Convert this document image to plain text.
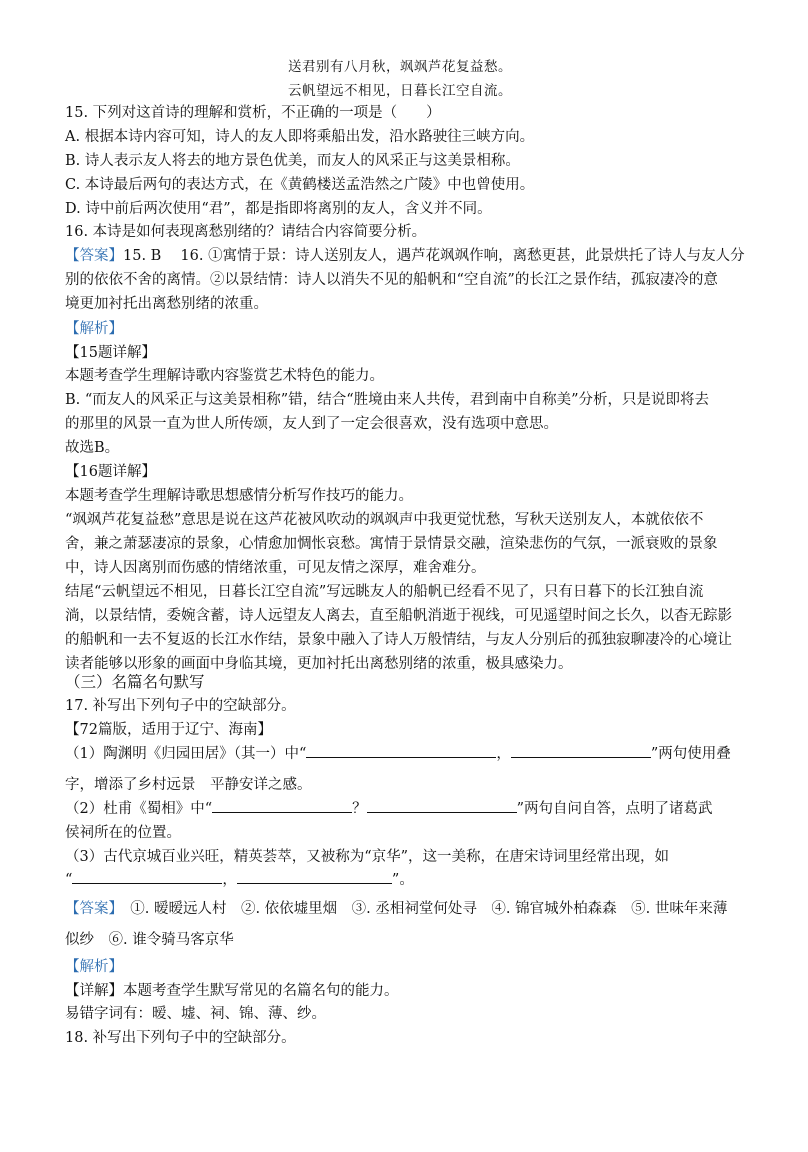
送君别有八月秋，飒飒芦花复益愁。
云帆望远不相见，日暮长江空自流。
15. 下列对这首诗的理解和赏析，不正确的一项是（　　）
A. 根据本诗内容可知，诗人的友人即将乘船出发，沿水路驶往三峡方向。
B. 诗人表示友人将去的地方景色优美，而友人的风采正与这美景相称。
C. 本诗最后两句的表达方式，在《黄鹤楼送孟浩然之广陵》中也曾使用。
D. 诗中前后两次使用“君”，都是指即将离别的友人，含义并不同。
16. 本诗是如何表现离愁别绪的？请结合内容简要分析。
【答案】15. B　 16. ①寓情于景：诗人送别友人，遇芦花飒飒作响，离愁更甚，此景烘托了诗人与友人分
别的依依不舍的离情。②以景结情：诗人以消失不见的船帆和“空自流”的长江之景作结，孤寂凄冷的意
境更加衬托出离愁别绪的浓重。
【解析】
【15题详解】
本题考查学生理解诗歌内容鉴赏艺术特色的能力。
B. “而友人的风采正与这美景相称”错，结合“胜境由来人共传，君到南中自称美”分析，只是说即将去
的那里的风景一直为世人所传颂，友人到了一定会很喜欢，没有选项中意思。
故选B。
【16题详解】
本题考查学生理解诗歌思想感情分析写作技巧的能力。
“飒飒芦花复益愁”意思是说在这芦花被风吹动的飒飒声中我更觉忧愁，写秋天送别友人，本就依依不
舍，兼之萧瑟凄凉的景象，心情愈加惆怅哀愁。寓情于景情景交融，渲染悲伤的气氛，一派衰败的景象
中，诗人因离别而伤感的情绪浓重，可见友情之深厚，难舍难分。
结尾“云帆望远不相见，日暮长江空自流”写远眺友人的船帆已经看不见了，只有日暮下的长江独自流
淌，以景结情，委婉含蓄，诗人远望友人离去，直至船帆消逝于视线，可见遥望时间之长久，以杳无踪影
的船帆和一去不复返的长江水作结，景象中融入了诗人万般情结，与友人分别后的孤独寂聊凄冷的心境让
读者能够以形象的画面中身临其境，更加衬托出离愁别绪的浓重，极具感染力。
（三）名篇名句默写
17. 补写出下列句子中的空缺部分。
【72篇版，适用于辽宁、海南】
（1）陶渊明《归园田居》（其一）中“	，	”两句使用叠
字，增添了乡村远景　平静安详之感。
（2）杜甫《蜀相》中“	？	”两句自问自答，点明了诸葛武
侯祠所在的位置。
（3）古代京城百业兴旺，精英荟萃，又被称为“京华”，这一美称，在唐宋诗词里经常出现，如
“	，	”。
【答案】　①. 暧暧远人村　②. 依依墟里烟　③. 丞相祠堂何处寻　④. 锦官城外柏森森　⑤. 世味年来薄
似纱　⑥. 谁令骑马客京华
【解析】
【详解】本题考查学生默写常见的名篇名句的能力。
易错字词有：暧、墟、祠、锦、薄、纱。
18. 补写出下列句子中的空缺部分。
